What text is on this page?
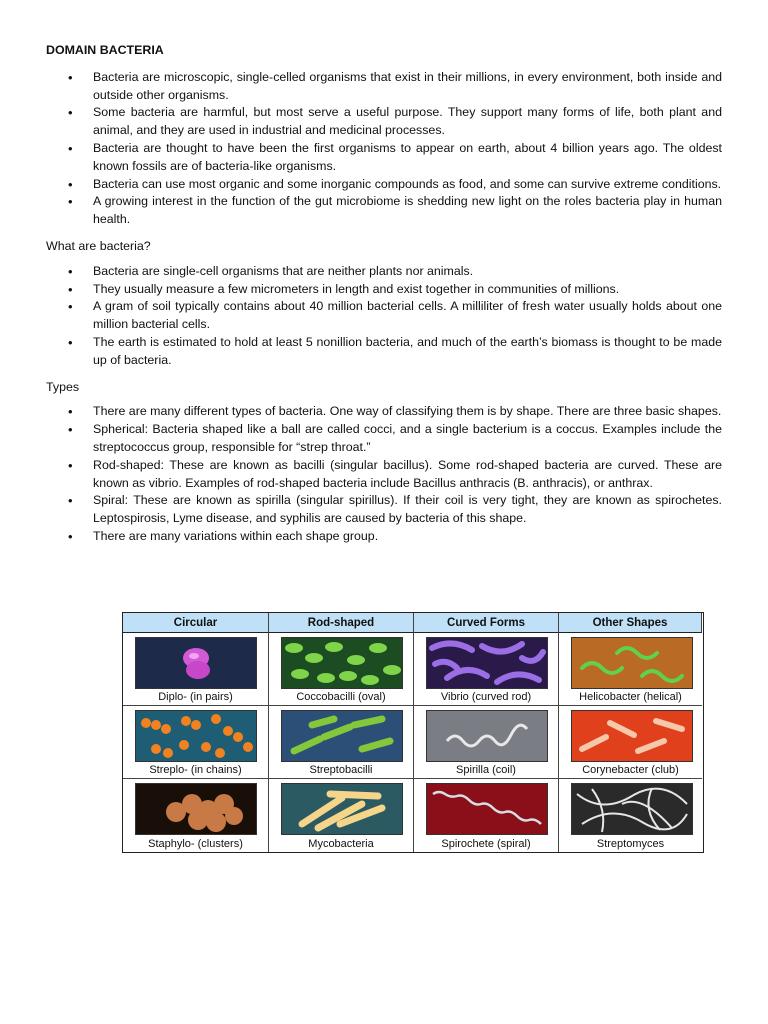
DOMAIN BACTERIA
• Bacteria are microscopic, single-celled organisms that exist in their millions, in every environment, both inside and outside other organisms.
• Some bacteria are harmful, but most serve a useful purpose. They support many forms of life, both plant and animal, and they are used in industrial and medicinal processes.
• Bacteria are thought to have been the first organisms to appear on earth, about 4 billion years ago. The oldest known fossils are of bacteria-like organisms.
• Bacteria can use most organic and some inorganic compounds as food, and some can survive extreme conditions.
• A growing interest in the function of the gut microbiome is shedding new light on the roles bacteria play in human health.
What are bacteria?
• Bacteria are single-cell organisms that are neither plants nor animals.
• They usually measure a few micrometers in length and exist together in communities of millions.
• A gram of soil typically contains about 40 million bacterial cells. A milliliter of fresh water usually holds about one million bacterial cells.
• The earth is estimated to hold at least 5 nonillion bacteria, and much of the earth’s biomass is thought to be made up of bacteria.
Types
• There are many different types of bacteria. One way of classifying them is by shape. There are three basic shapes.
• Spherical: Bacteria shaped like a ball are called cocci, and a single bacterium is a coccus. Examples include the streptococcus group, responsible for “strep throat.”
• Rod-shaped: These are known as bacilli (singular bacillus). Some rod-shaped bacteria are curved. These are known as vibrio. Examples of rod-shaped bacteria include Bacillus anthracis (B. anthracis), or anthrax.
• Spiral: These are known as spirilla (singular spirillus). If their coil is very tight, they are known as spirochetes. Leptospirosis, Lyme disease, and syphilis are caused by bacteria of this shape.
• There are many variations within each shape group.
Circular	Rod-shaped	Curved Forms	Other Shapes
Diplo- (in pairs)	Coccobacilli (oval)	Vibrio (curved rod)	Helicobacter (helical)
Streplo- (in chains)	Streptobacilli	Spirilla (coil)	Corynebacter (club)
Staphylo- (clusters)	Mycobacteria	Spirochete (spiral)	Streptomyces
